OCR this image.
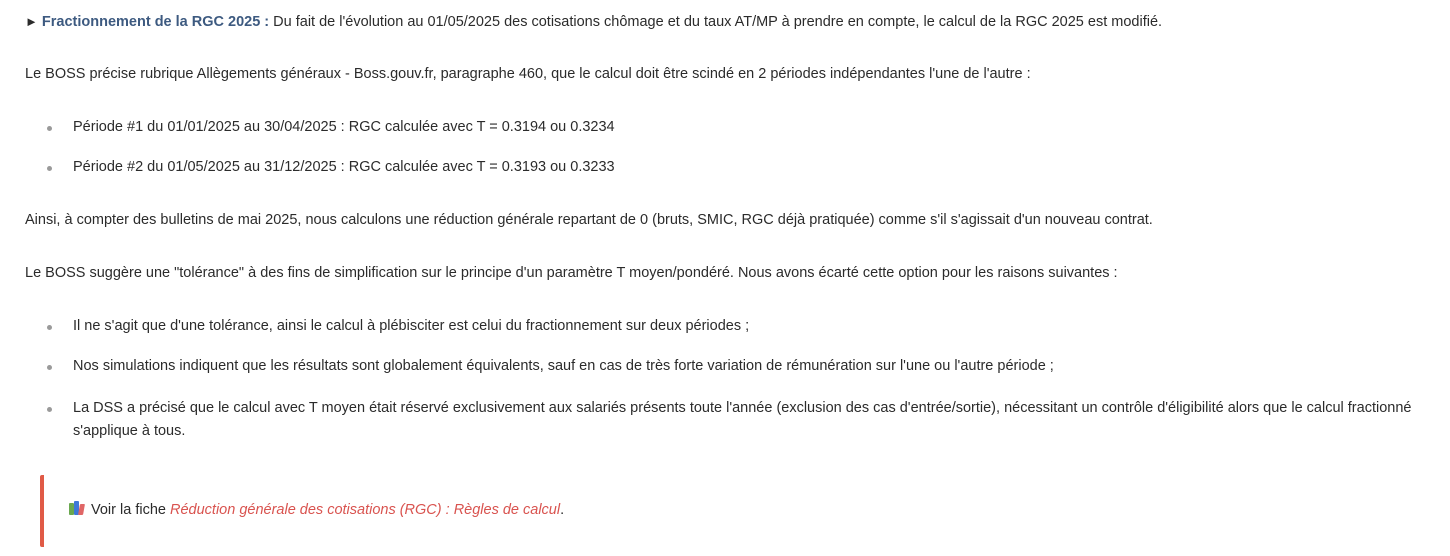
► Fractionnement de la RGC 2025 : Du fait de l'évolution au 01/05/2025 des cotisations chômage et du taux AT/MP à prendre en compte, le calcul de la RGC 2025 est modifié.

Le BOSS précise rubrique Allègements généraux - Boss.gouv.fr, paragraphe 460, que le calcul doit être scindé en 2 périodes indépendantes l'une de l'autre :

Période #1 du 01/01/2025 au 30/04/2025 : RGC calculée avec T = 0.3194 ou 0.3234
Période #2 du 01/05/2025 au 31/12/2025 : RGC calculée avec T = 0.3193 ou 0.3233

Ainsi, à compter des bulletins de mai 2025, nous calculons une réduction générale repartant de 0 (bruts, SMIC, RGC déjà pratiquée) comme s'il s'agissait d'un nouveau contrat.

Le BOSS suggère une "tolérance" à des fins de simplification sur le principe d'un paramètre T moyen/pondéré. Nous avons écarté cette option pour les raisons suivantes :

Il ne s'agit que d'une tolérance, ainsi le calcul à plébisciter est celui du fractionnement sur deux périodes ;
Nos simulations indiquent que les résultats sont globalement équivalents, sauf en cas de très forte variation de rémunération sur l'une ou l'autre période ;
La DSS a précisé que le calcul avec T moyen était réservé exclusivement aux salariés présents toute l'année (exclusion des cas d'entrée/sortie), nécessitant un contrôle d'éligibilité alors que le calcul fractionné s'applique à tous.
Voir la fiche Réduction générale des cotisations (RGC) : Règles de calcul.
